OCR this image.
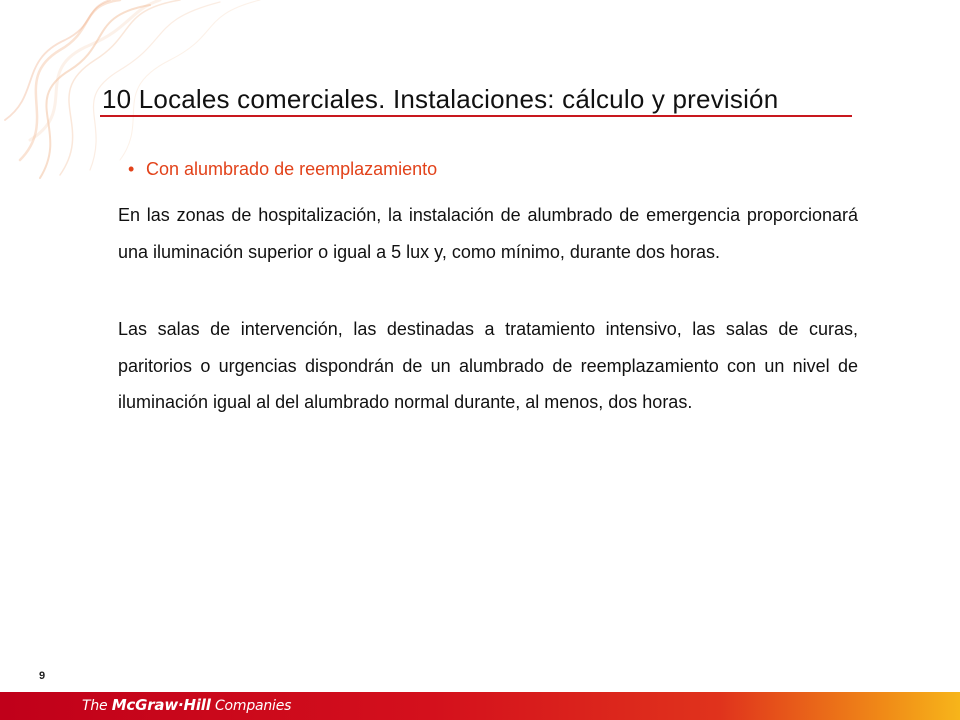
10 Locales comerciales. Instalaciones: cálculo y previsión
• Con alumbrado de reemplazamiento

En las zonas de hospitalización, la instalación de alumbrado de emergencia proporcionará una iluminación superior o igual a 5 lux y, como mínimo, durante dos horas.

Las salas de intervención, las destinadas a tratamiento intensivo, las salas de curas, paritorios o urgencias dispondrán de un alumbrado de reemplazamiento con un nivel de iluminación igual al del alumbrado normal durante, al menos, dos horas.

9
The McGraw·Hill Companies
